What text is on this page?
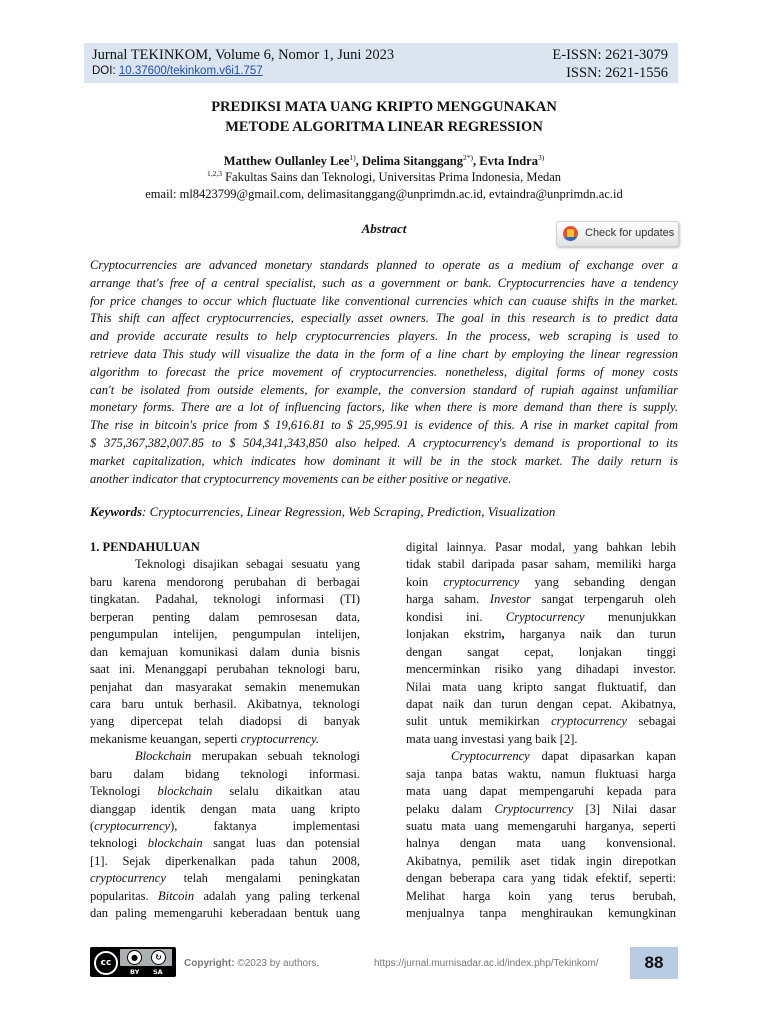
Jurnal TEKINKOM, Volume 6, Nomor 1, Juni 2023
DOI: 10.37600/tekinkom.v6i1.757
E-ISSN: 2621-3079
ISSN: 2621-1556
PREDIKSI MATA UANG KRIPTO MENGGUNAKAN
METODE ALGORITMA LINEAR REGRESSION
Matthew Oullanley Lee$^{1)}$, Delima Sitanggang$^{2*)}$, Evta Indra$^{3)}$
$^{1,2,3}$ Fakultas Sains dan Teknologi, Universitas Prima Indonesia, Medan
email: ml8423799@gmail.com, delimasitanggang@unprimdn.ac.id, evtaindra@unprimdn.ac.id
Abstract	Check for updates
Cryptocurrencies are advanced monetary standards planned to operate as a medium of exchange over a
arrange that's free of a central specialist, such as a government or bank. Cryptocurrencies have a tendency
for price changes to occur which fluctuate like conventional currencies which can cuause shifts in the market.
This shift can affect cryptocurrencies, especially asset owners. The goal in this research is to predict data
and provide accurate results to help cryptocurrencies players. In the process, web scraping is used to
retrieve data This study will visualize the data in the form of a line chart by employing the linear regression
algorithm to forecast the price movement of cryptocurrencies. nonetheless, digital forms of money costs
can't be isolated from outside elements, for example, the conversion standard of rupiah against unfamiliar
monetary forms. There are a lot of influencing factors, like when there is more demand than there is supply.
The rise in bitcoin's price from $ 19,616.81 to $ 25,995.91 is evidence of this. A rise in market capital from
$ 375,367,382,007.85 to $ 504,341,343,850 also helped. A cryptocurrency's demand is proportional to its
market capitalization, which indicates how dominant it will be in the stock market. The daily return is
another indicator that cryptocurrency movements can be either positive or negative.
Keywords: Cryptocurrencies, Linear Regression, Web Scraping, Prediction, Visualization
1. PENDAHULUAN
Teknologi disajikan sebagai sesuatu yang
baru karena mendorong perubahan di berbagai
tingkatan. Padahal, teknologi informasi (TI)
berperan penting dalam pemrosesan data,
pengumpulan intelijen, pengumpulan intelijen,
dan kemajuan komunikasi dalam dunia bisnis
saat ini. Menanggapi perubahan teknologi baru,
penjahat dan masyarakat semakin menemukan
cara baru untuk berhasil. Akibatnya, teknologi
yang dipercepat telah diadopsi di banyak
mekanisme keuangan, seperti cryptocurrency.
Blockchain merupakan sebuah teknologi
baru dalam bidang teknologi informasi.
Teknologi blockchain selalu dikaitkan atau
dianggap identik dengan mata uang kripto
(cryptocurrency), faktanya implementasi
teknologi blockchain sangat luas dan potensial
[1]. Sejak diperkenalkan pada tahun 2008,
cryptocurrency telah mengalami peningkatan
popularitas. Bitcoin adalah yang paling terkenal
dan paling memengaruhi keberadaan bentuk uang
digital lainnya. Pasar modal, yang bahkan lebih
tidak stabil daripada pasar saham, memiliki harga
koin cryptocurrency yang sebanding dengan
harga saham. Investor sangat terpengaruh oleh
kondisi ini. Cryptocurrency menunjukkan
lonjakan ekstrim, harganya naik dan turun
dengan sangat cepat, lonjakan tinggi
mencerminkan risiko yang dihadapi investor.
Nilai mata uang kripto sangat fluktuatif, dan
dapat naik dan turun dengan cepat. Akibatnya,
sulit untuk memikirkan cryptocurrency sebagai
mata uang investasi yang baik [2].
Cryptocurrency dapat dipasarkan kapan
saja tanpa batas waktu, namun fluktuasi harga
mata uang dapat mempengaruhi kepada para
pelaku dalam Cryptocurrency [3] Nilai dasar
suatu mata uang memengaruhi harganya, seperti
halnya dengan mata uang konvensional.
Akibatnya, pemilik aset tidak ingin direpotkan
dengan beberapa cara yang tidak efektif, seperti:
Melihat harga koin yang terus berubah,
menjualnya tanpa menghiraukan kemungkinan
cc
●	↻
BY SA
Copyright: ©2023 by authors.	https://jurnal.murnisadar.ac.id/index.php/Tekinkom/	88
